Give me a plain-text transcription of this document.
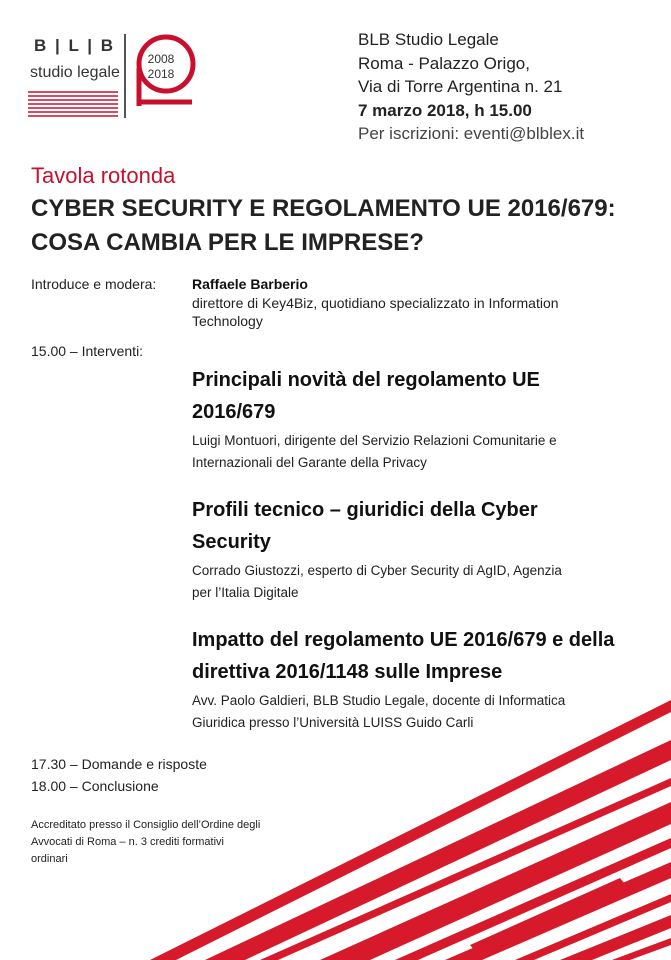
B | L | B
studio legale
2008
2018
BLB Studio Legale
Roma - Palazzo Origo,
Via di Torre Argentina n. 21
7 marzo 2018, h 15.00
Per iscrizioni: eventi@blblex.it
Tavola rotonda
CYBER SECURITY E REGOLAMENTO UE 2016/679: COSA CAMBIA PER LE IMPRESE?
Introduce e modera:	Raffaele Barberio
direttore di Key4Biz, quotidiano specializzato in Information Technology
15.00 – Interventi:
Principali novità del regolamento UE 2016/679
Luigi Montuori, dirigente del Servizio Relazioni Comunitarie e Internazionali del Garante della Privacy
Profili tecnico – giuridici della Cyber Security
Corrado Giustozzi, esperto di Cyber Security di AgID, Agenzia per l’Italia Digitale
Impatto del regolamento UE 2016/679 e della direttiva 2016/1148 sulle Imprese
Avv. Paolo Galdieri, BLB Studio Legale, docente di Informatica Giuridica presso l’Università LUISS Guido Carli
17.30 – Domande e risposte
18.00 – Conclusione
Accreditato presso il Consiglio dell’Ordine degli Avvocati di Roma – n. 3 crediti formativi ordinari
